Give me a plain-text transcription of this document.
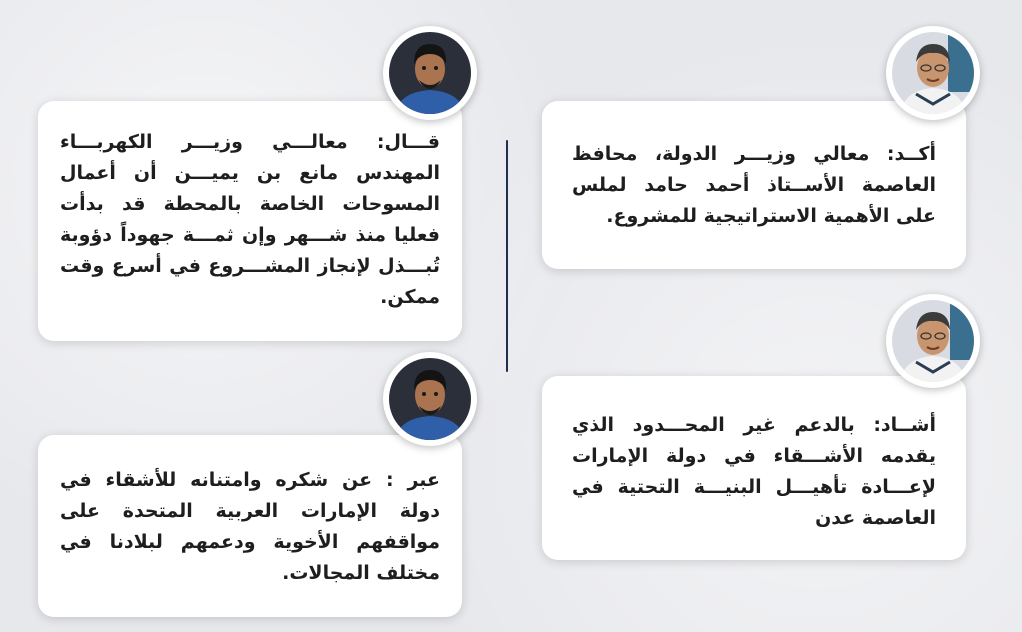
أكــد: معالي وزيـــر الدولة، محافظ العاصمة الأســتاذ أحمد حامد لملس على الأهمية الاستراتيجية للمشروع.

قـــال: معالـــي وزيـــر الكهربـــاء المهندس مانع بن يميـــن أن أعمال المسوحات الخاصة بالمحطة قد بدأت فعليا منذ شـــهر وإن ثمـــة جهوداً دؤوبة تُبـــذل لإنجاز المشـــروع في أسرع وقت ممكن.

أشــاد: بالدعم غير المحـــدود الذي يقدمه الأشـــقاء في دولة الإمارات لإعـــادة تأهيـــل البنيـــة التحتية في العاصمة عدن

عبر : عن شكره وامتنانه للأشقاء في دولة الإمارات العربية المتحدة على مواقفهم الأخوية ودعمهم لبلادنا في مختلف المجالات.
